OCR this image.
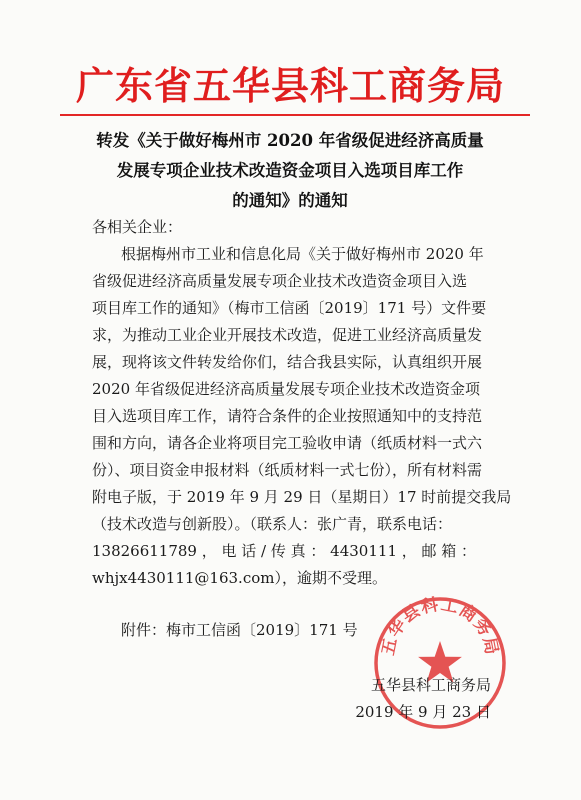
广东省五华县科工商务局
转发《关于做好梅州市 2020 年省级促进经济高质量
发展专项企业技术改造资金项目入选项目库工作
的通知》的通知
各相关企业：
根据梅州市工业和信息化局《关于做好梅州市 2020 年
省级促进经济高质量发展专项企业技术改造资金项目入选
项目库工作的通知》（梅市工信函〔2019〕171 号）文件要
求，为推动工业企业开展技术改造，促进工业经济高质量发
展，现将该文件转发给你们，结合我县实际，认真组织开展
2020 年省级促进经济高质量发展专项企业技术改造资金项
目入选项目库工作，请符合条件的企业按照通知中的支持范
围和方向，请各企业将项目完工验收申请（纸质材料一式六
份）、项目资金申报材料（纸质材料一式七份），所有材料需
附电子版，于 2019 年 9 月 29 日（星期日）17 时前提交我局
（技术改造与创新股）。（联系人：张广青，联系电话：
13826611789 ， 电 话 / 传 真 ： 4430111 ， 邮 箱 ：
whjx4430111@163.com），逾期不受理。
附件：梅市工信函〔2019〕171 号
五华县科工商务局
五华县科工商务局
2019 年 9 月 23 日
